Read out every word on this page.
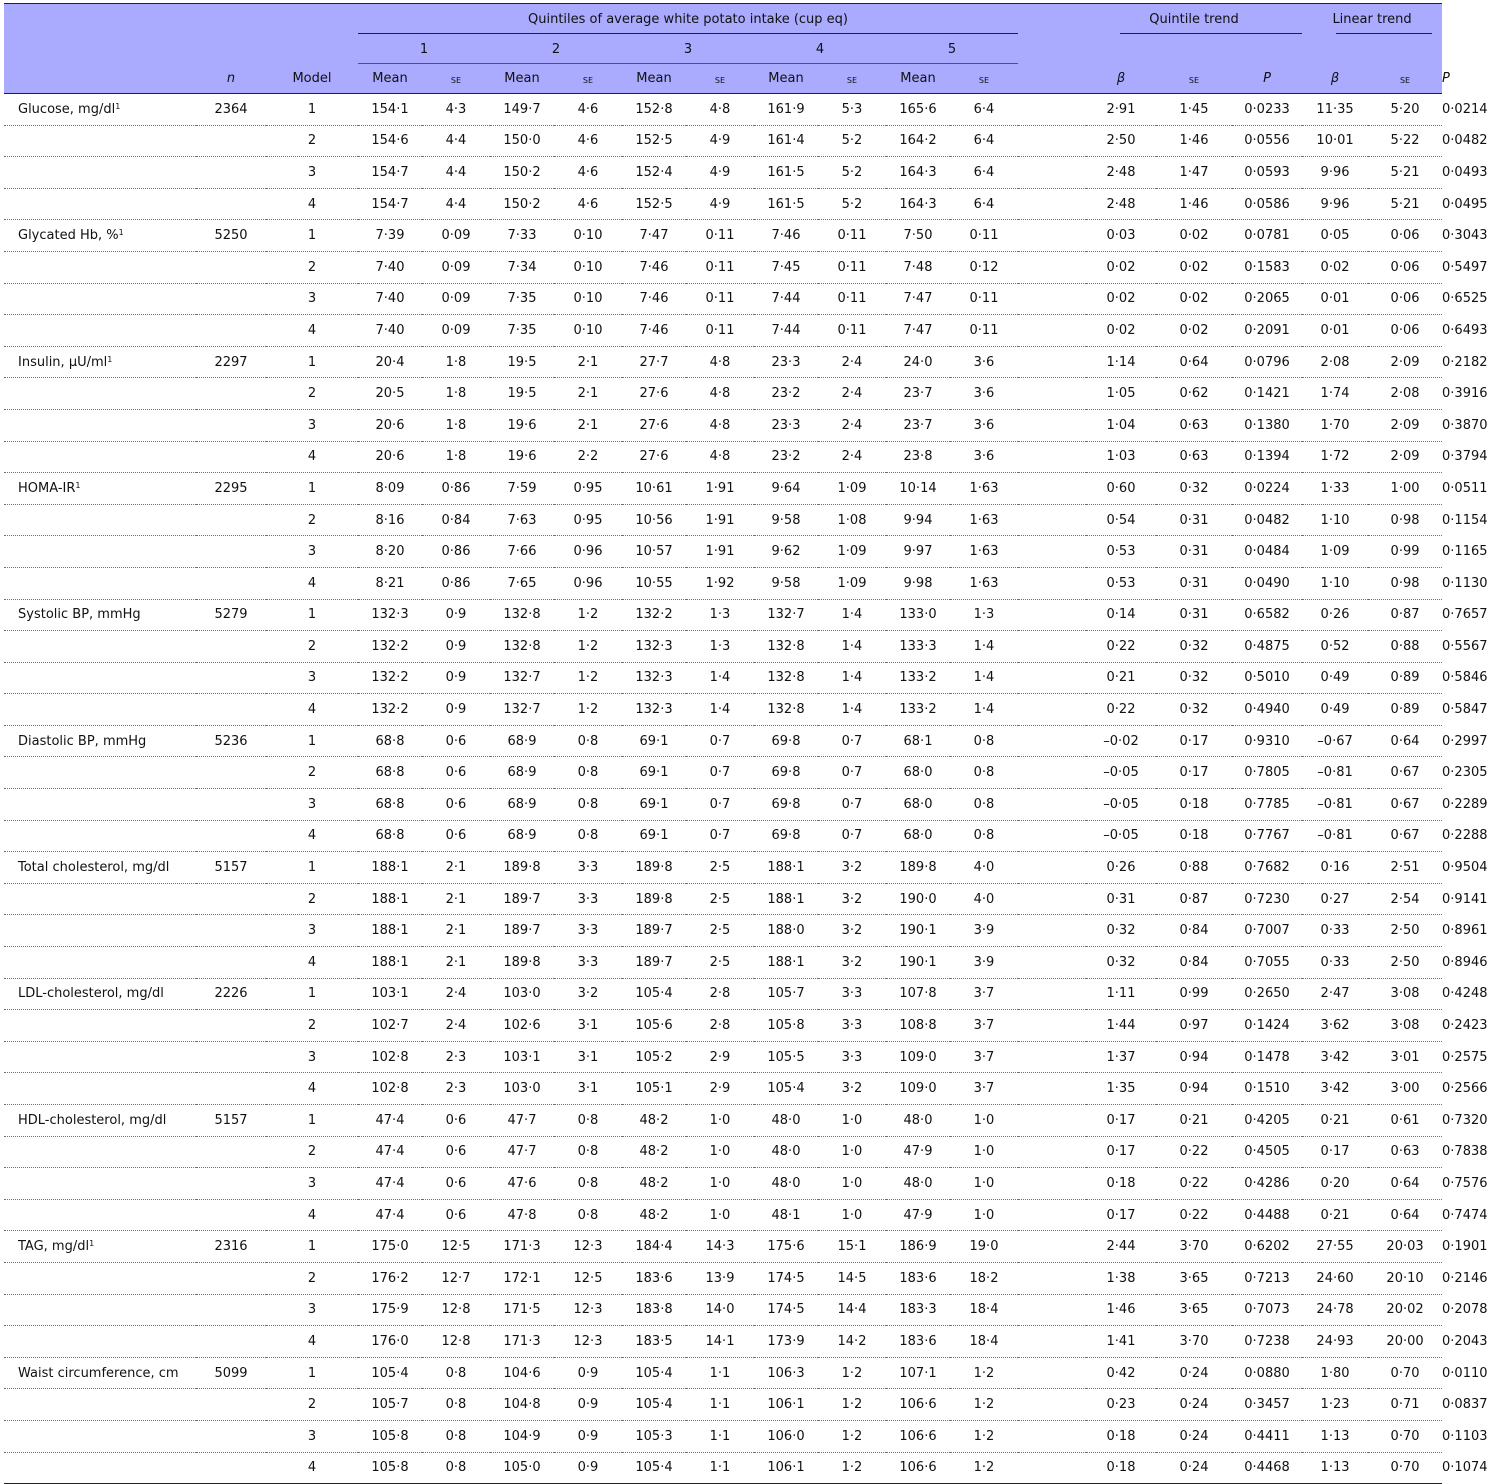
			Quintiles of average white potato intake (cup eq)											Quintile trend			Linear trend		

			1		2		3		4		5	

	n	Model	Mean	se	Mean	se	Mean	se	Mean	se	Mean	se		β	se	P	β	se	P
Glucose, $mg/dl^1$	2364	1	154·1	4·3	149·7	4·6	152·8	4·8	161·9	5·3	165·6	6·4		2·91	1·45	0·0233	11·35	5·20	0·0214
		2	154·6	4·4	150·0	4·6	152·5	4·9	161·4	5·2	164·2	6·4		2·50	1·46	0·0556	10·01	5·22	0·0482
		3	154·7	4·4	150·2	4·6	152·4	4·9	161·5	5·2	164·3	6·4		2·48	1·47	0·0593	9·96	5·21	0·0493
		4	154·7	4·4	150·2	4·6	152·5	4·9	161·5	5·2	164·3	6·4		2·48	1·46	0·0586	9·96	5·21	0·0495
Glycated Hb, %$^1$	5250	1	7·39	0·09	7·33	0·10	7·47	0·11	7·46	0·11	7·50	0·11		0·03	0·02	0·0781	0·05	0·06	0·3043
		2	7·40	0·09	7·34	0·10	7·46	0·11	7·45	0·11	7·48	0·12		0·02	0·02	0·1583	0·02	0·06	0·5497
		3	7·40	0·09	7·35	0·10	7·46	0·11	7·44	0·11	7·47	0·11		0·02	0·02	0·2065	0·01	0·06	0·6525
		4	7·40	0·09	7·35	0·10	7·46	0·11	7·44	0·11	7·47	0·11		0·02	0·02	0·2091	0·01	0·06	0·6493
Insulin, $\mu U/ml^1$	2297	1	20·4	1·8	19·5	2·1	27·7	4·8	23·3	2·4	24·0	3·6		1·14	0·64	0·0796	2·08	2·09	0·2182
		2	20·5	1·8	19·5	2·1	27·6	4·8	23·2	2·4	23·7	3·6		1·05	0·62	0·1421	1·74	2·08	0·3916
		3	20·6	1·8	19·6	2·1	27·6	4·8	23·3	2·4	23·7	3·6		1·04	0·63	0·1380	1·70	2·09	0·3870
		4	20·6	1·8	19·6	2·2	27·6	4·8	23·2	2·4	23·8	3·6		1·03	0·63	0·1394	1·72	2·09	0·3794
HOMA-$IR^1$	2295	1	8·09	0·86	7·59	0·95	10·61	1·91	9·64	1·09	10·14	1·63		0·60	0·32	0·0224	1·33	1·00	0·0511
		2	8·16	0·84	7·63	0·95	10·56	1·91	9·58	1·08	9·94	1·63		0·54	0·31	0·0482	1·10	0·98	0·1154
		3	8·20	0·86	7·66	0·96	10·57	1·91	9·62	1·09	9·97	1·63		0·53	0·31	0·0484	1·09	0·99	0·1165
		4	8·21	0·86	7·65	0·96	10·55	1·92	9·58	1·09	9·98	1·63		0·53	0·31	0·0490	1·10	0·98	0·1130
Systolic BP, mmHg	5279	1	132·3	0·9	132·8	1·2	132·2	1·3	132·7	1·4	133·0	1·3		0·14	0·31	0·6582	0·26	0·87	0·7657
		2	132·2	0·9	132·8	1·2	132·3	1·3	132·8	1·4	133·3	1·4		0·22	0·32	0·4875	0·52	0·88	0·5567
		3	132·2	0·9	132·7	1·2	132·3	1·4	132·8	1·4	133·2	1·4		0·21	0·32	0·5010	0·49	0·89	0·5846
		4	132·2	0·9	132·7	1·2	132·3	1·4	132·8	1·4	133·2	1·4		0·22	0·32	0·4940	0·49	0·89	0·5847
Diastolic BP, mmHg	5236	1	68·8	0·6	68·9	0·8	69·1	0·7	69·8	0·7	68·1	0·8		–0·02	0·17	0·9310	–0·67	0·64	0·2997
		2	68·8	0·6	68·9	0·8	69·1	0·7	69·8	0·7	68·0	0·8		–0·05	0·17	0·7805	–0·81	0·67	0·2305
		3	68·8	0·6	68·9	0·8	69·1	0·7	69·8	0·7	68·0	0·8		–0·05	0·18	0·7785	–0·81	0·67	0·2289
		4	68·8	0·6	68·9	0·8	69·1	0·7	69·8	0·7	68·0	0·8		–0·05	0·18	0·7767	–0·81	0·67	0·2288
Total cholesterol, mg/dl	5157	1	188·1	2·1	189·8	3·3	189·8	2·5	188·1	3·2	189·8	4·0		0·26	0·88	0·7682	0·16	2·51	0·9504
		2	188·1	2·1	189·7	3·3	189·8	2·5	188·1	3·2	190·0	4·0		0·31	0·87	0·7230	0·27	2·54	0·9141
		3	188·1	2·1	189·7	3·3	189·7	2·5	188·0	3·2	190·1	3·9		0·32	0·84	0·7007	0·33	2·50	0·8961
		4	188·1	2·1	189·8	3·3	189·7	2·5	188·1	3·2	190·1	3·9		0·32	0·84	0·7055	0·33	2·50	0·8946
LDL-cholesterol, mg/dl	2226	1	103·1	2·4	103·0	3·2	105·4	2·8	105·7	3·3	107·8	3·7		1·11	0·99	0·2650	2·47	3·08	0·4248
		2	102·7	2·4	102·6	3·1	105·6	2·8	105·8	3·3	108·8	3·7		1·44	0·97	0·1424	3·62	3·08	0·2423
		3	102·8	2·3	103·1	3·1	105·2	2·9	105·5	3·3	109·0	3·7		1·37	0·94	0·1478	3·42	3·01	0·2575
		4	102·8	2·3	103·0	3·1	105·1	2·9	105·4	3·2	109·0	3·7		1·35	0·94	0·1510	3·42	3·00	0·2566
HDL-cholesterol, mg/dl	5157	1	47·4	0·6	47·7	0·8	48·2	1·0	48·0	1·0	48·0	1·0		0·17	0·21	0·4205	0·21	0·61	0·7320
		2	47·4	0·6	47·7	0·8	48·2	1·0	48·0	1·0	47·9	1·0		0·17	0·22	0·4505	0·17	0·63	0·7838
		3	47·4	0·6	47·6	0·8	48·2	1·0	48·0	1·0	48·0	1·0		0·18	0·22	0·4286	0·20	0·64	0·7576
		4	47·4	0·6	47·8	0·8	48·2	1·0	48·1	1·0	47·9	1·0		0·17	0·22	0·4488	0·21	0·64	0·7474
TAG, $mg/dl^1$	2316	1	175·0	12·5	171·3	12·3	184·4	14·3	175·6	15·1	186·9	19·0		2·44	3·70	0·6202	27·55	20·03	0·1901
		2	176·2	12·7	172·1	12·5	183·6	13·9	174·5	14·5	183·6	18·2		1·38	3·65	0·7213	24·60	20·10	0·2146
		3	175·9	12·8	171·5	12·3	183·8	14·0	174·5	14·4	183·3	18·4		1·46	3·65	0·7073	24·78	20·02	0·2078
		4	176·0	12·8	171·3	12·3	183·5	14·1	173·9	14·2	183·6	18·4		1·41	3·70	0·7238	24·93	20·00	0·2043
Waist circumference, cm	5099	1	105·4	0·8	104·6	0·9	105·4	1·1	106·3	1·2	107·1	1·2		0·42	0·24	0·0880	1·80	0·70	0·0110
		2	105·7	0·8	104·8	0·9	105·4	1·1	106·1	1·2	106·6	1·2		0·23	0·24	0·3457	1·23	0·71	0·0837
		3	105·8	0·8	104·9	0·9	105·3	1·1	106·0	1·2	106·6	1·2		0·18	0·24	0·4411	1·13	0·70	0·1103
		4	105·8	0·8	105·0	0·9	105·4	1·1	106·1	1·2	106·6	1·2		0·18	0·24	0·4468	1·13	0·70	0·1074
